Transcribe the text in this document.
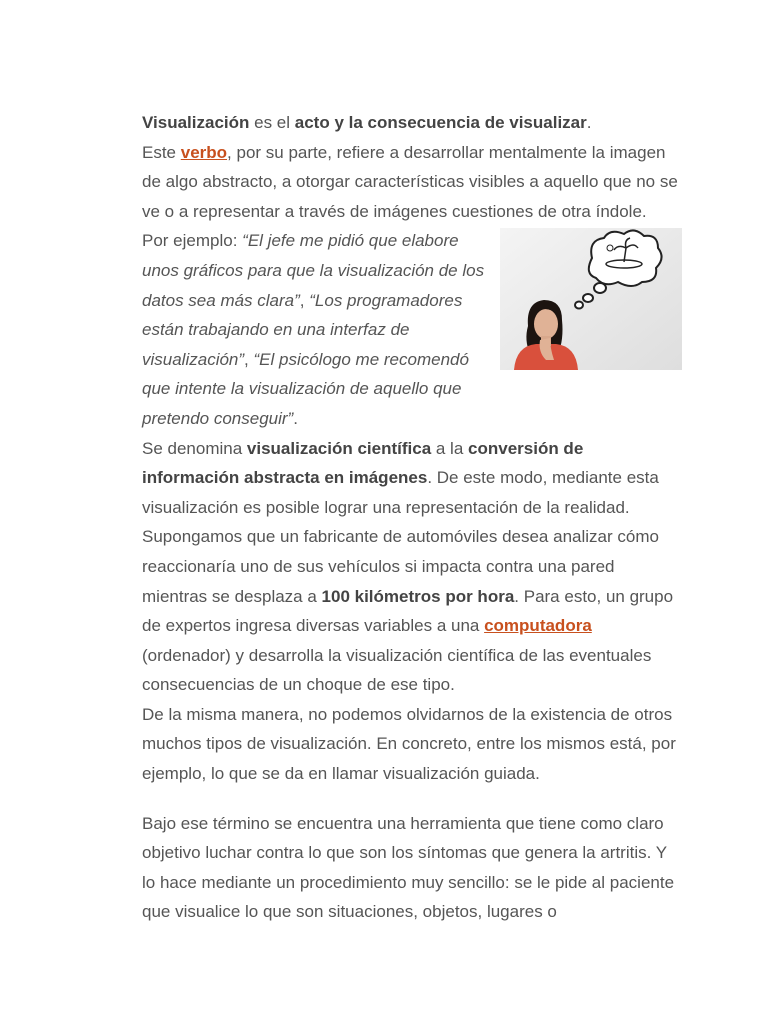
Visualización es el acto y la consecuencia de visualizar.

Este verbo, por su parte, refiere a desarrollar mentalmente la imagen de algo abstracto, a otorgar características visibles a aquello que no se ve o a representar a través de imágenes cuestiones de otra índole.

Por ejemplo: “El jefe me pidió que elabore unos gráficos para que la visualización de los datos sea más clara”, “Los programadores están trabajando en una interfaz de visualización”, “El psicólogo me recomendó que intente la visualización de aquello que pretendo conseguir”.

Se denomina visualización científica a la conversión de información abstracta en imágenes. De este modo, mediante esta visualización es posible lograr una representación de la realidad. Supongamos que un fabricante de automóviles desea analizar cómo reaccionaría uno de sus vehículos si impacta contra una pared mientras se desplaza a 100 kilómetros por hora. Para esto, un grupo de expertos ingresa diversas variables a una computadora (ordenador) y desarrolla la visualización científica de las eventuales consecuencias de un choque de ese tipo.

De la misma manera, no podemos olvidarnos de la existencia de otros muchos tipos de visualización. En concreto, entre los mismos está, por ejemplo, lo que se da en llamar visualización guiada.

Bajo ese término se encuentra una herramienta que tiene como claro objetivo luchar contra lo que son los síntomas que genera la artritis. Y lo hace mediante un procedimiento muy sencillo: se le pide al paciente que visualice lo que son situaciones, objetos, lugares o
